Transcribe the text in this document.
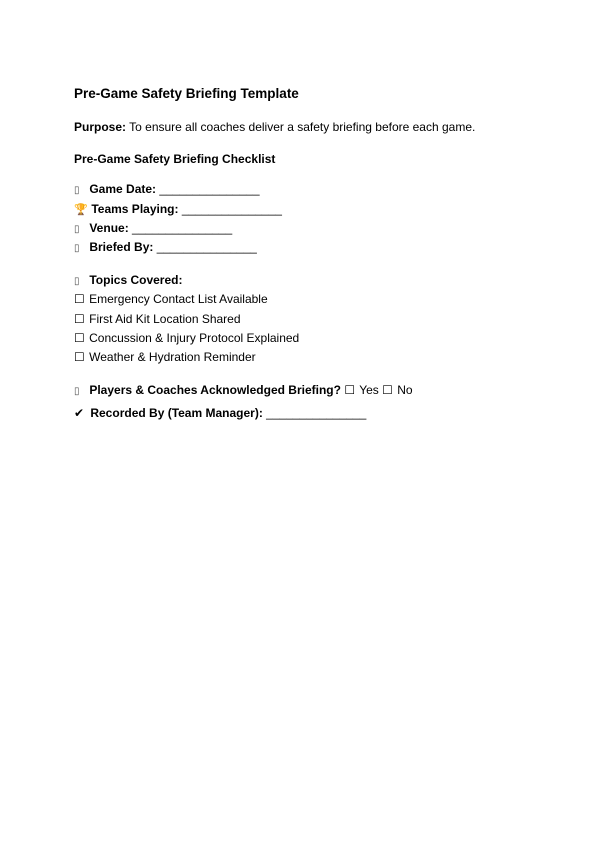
Pre-Game Safety Briefing Template
Purpose: To ensure all coaches deliver a safety briefing before each game.
Pre-Game Safety Briefing Checklist
▯ Game Date: _______________
🏆 Teams Playing: _______________
▯ Venue: _______________
▯ Briefed By: _______________
▯ Topics Covered:
☐ Emergency Contact List Available
☐ First Aid Kit Location Shared
☐ Concussion & Injury Protocol Explained
☐ Weather & Hydration Reminder
▯ Players & Coaches Acknowledged Briefing? ☐ Yes ☐ No
✔ Recorded By (Team Manager): _______________
